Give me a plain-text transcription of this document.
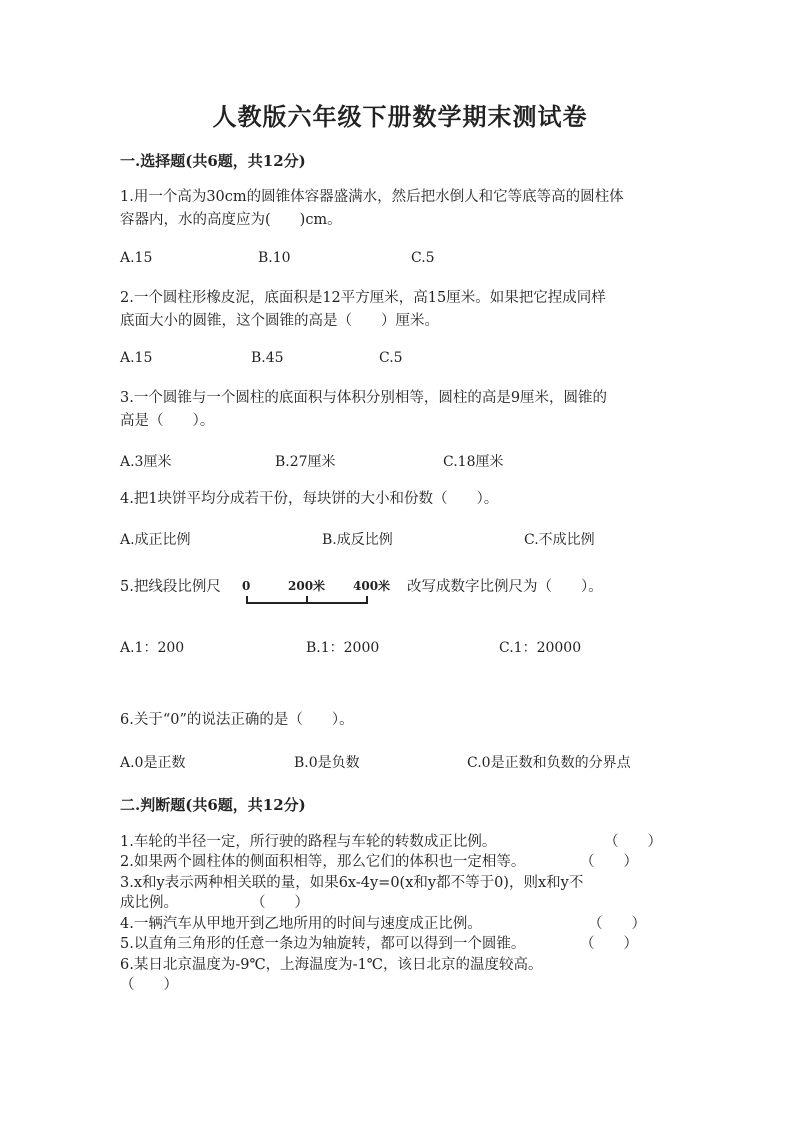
人教版六年级下册数学期末测试卷
一.选择题(共6题，共12分)
1.用一个高为30cm的圆锥体容器盛满水，然后把水倒人和它等底等高的圆柱体
容器内，水的高度应为(　　)cm。
A.15	B.10	C.5
2.一个圆柱形橡皮泥，底面积是12平方厘米，高15厘米。如果把它捏成同样
底面大小的圆锥，这个圆锥的高是（　　）厘米。
A.15	B.45	C.5
3.一个圆锥与一个圆柱的底面积与体积分别相等，圆柱的高是9厘米，圆锥的
高是（　　）。
A.3厘米	B.27厘米	C.18厘米
4.把1块饼平均分成若干份，每块饼的大小和份数（　　）。
A.成正比例	B.成反比例	C.不成比例
5.把线段比例尺 0	200米 400米 改写成数字比例尺为（　　）。
A.1：200	B.1：2000	C.1：20000
6.关于“0”的说法正确的是（　　）。
A.0是正数	B.0是负数	C.0是正数和负数的分界点
二.判断题(共6题，共12分)
1.车轮的半径一定，所行驶的路程与车轮的转数成正比例。	（　　）
2.如果两个圆柱体的侧面积相等，那么它们的体积也一定相等。	（　　）
3.x和y表示两种相关联的量，如果6x-4y=0(x和y都不等于0)，则x和y不
成比例。	（　　）
4.一辆汽车从甲地开到乙地所用的时间与速度成正比例。	（　　）
5.以直角三角形的任意一条边为轴旋转，都可以得到一个圆锥。	（　　）
6.某日北京温度为-9℃，上海温度为-1℃，该日北京的温度较高。
（　　）
